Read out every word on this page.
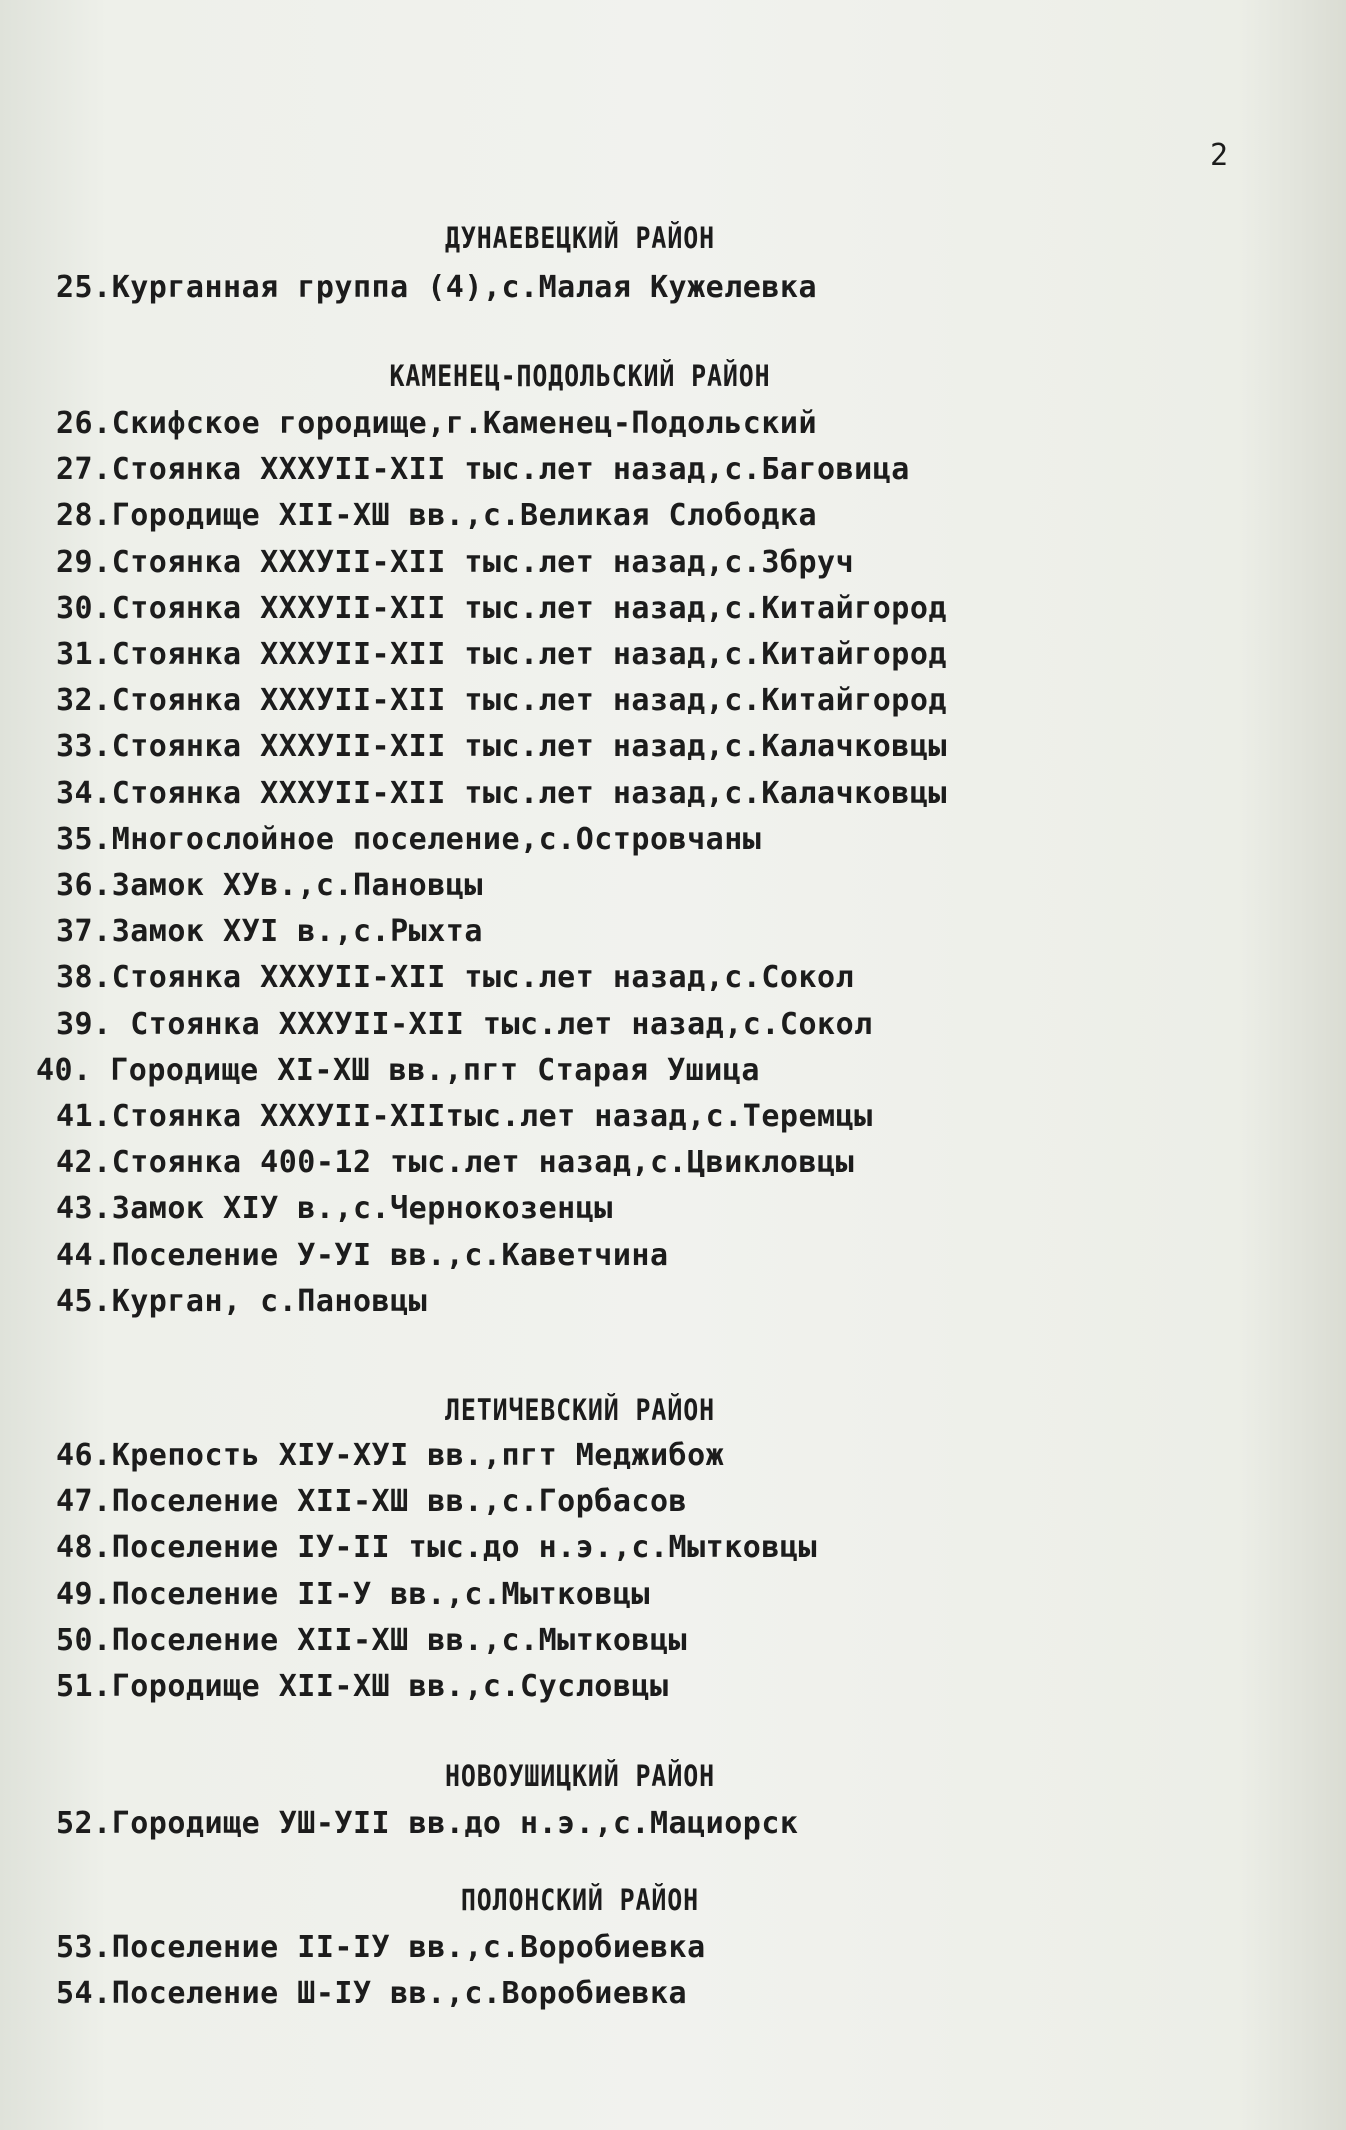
2
ДУНАЕВЕЦКИЙ РАЙОН
25.Курганная группа (4),с.Малая Кужелевка
КАМЕНЕЦ-ПОДОЛЬСКИЙ РАЙОН
26.Скифское городище,г.Каменец-Подольский
27.Стоянка ХХХУII-ХII тыс.лет назад,с.Баговица
28.Городище ХII-ХШ вв.,с.Великая Слободка
29.Стоянка ХХХУII-ХII тыс.лет назад,с.Збруч
30.Стоянка ХХХУII-ХII тыс.лет назад,с.Китайгород
31.Стоянка ХХХУII-ХII тыс.лет назад,с.Китайгород
32.Стоянка ХХХУII-ХII тыс.лет назад,с.Китайгород
33.Стоянка ХХХУII-ХII тыс.лет назад,с.Калачковцы
34.Стоянка ХХХУII-ХII тыс.лет назад,с.Калачковцы
35.Многослойное поселение,с.Островчаны
36.Замок ХУв.,с.Пановцы
37.Замок ХУI в.,с.Рыхта
38.Стоянка ХХХУII-ХII тыс.лет назад,с.Сокол
39. Стоянка ХХХУII-ХII тыс.лет назад,с.Сокол
40. Городище ХI-ХШ вв.,пгт Старая Ушица
41.Стоянка ХХХУII-ХIIтыс.лет назад,с.Теремцы
42.Стоянка 400-12 тыс.лет назад,с.Цвикловцы
43.Замок ХIУ в.,с.Чернокозенцы
44.Поселение У-УI вв.,с.Каветчина
45.Курган, с.Пановцы
ЛЕТИЧЕВСКИЙ РАЙОН
46.Крепость ХIУ-ХУI вв.,пгт Меджибож
47.Поселение ХII-ХШ вв.,с.Горбасов
48.Поселение IУ-II тыс.до н.э.,с.Мытковцы
49.Поселение II-У вв.,с.Мытковцы
50.Поселение ХII-ХШ вв.,с.Мытковцы
51.Городище ХII-ХШ вв.,с.Сусловцы
НОВОУШИЦКИЙ РАЙОН
52.Городище УШ-УII вв.до н.э.,с.Мациорск
ПОЛОНСКИЙ РАЙОН
53.Поселение II-IУ вв.,с.Воробиевка
54.Поселение Ш-IУ вв.,с.Воробиевка
